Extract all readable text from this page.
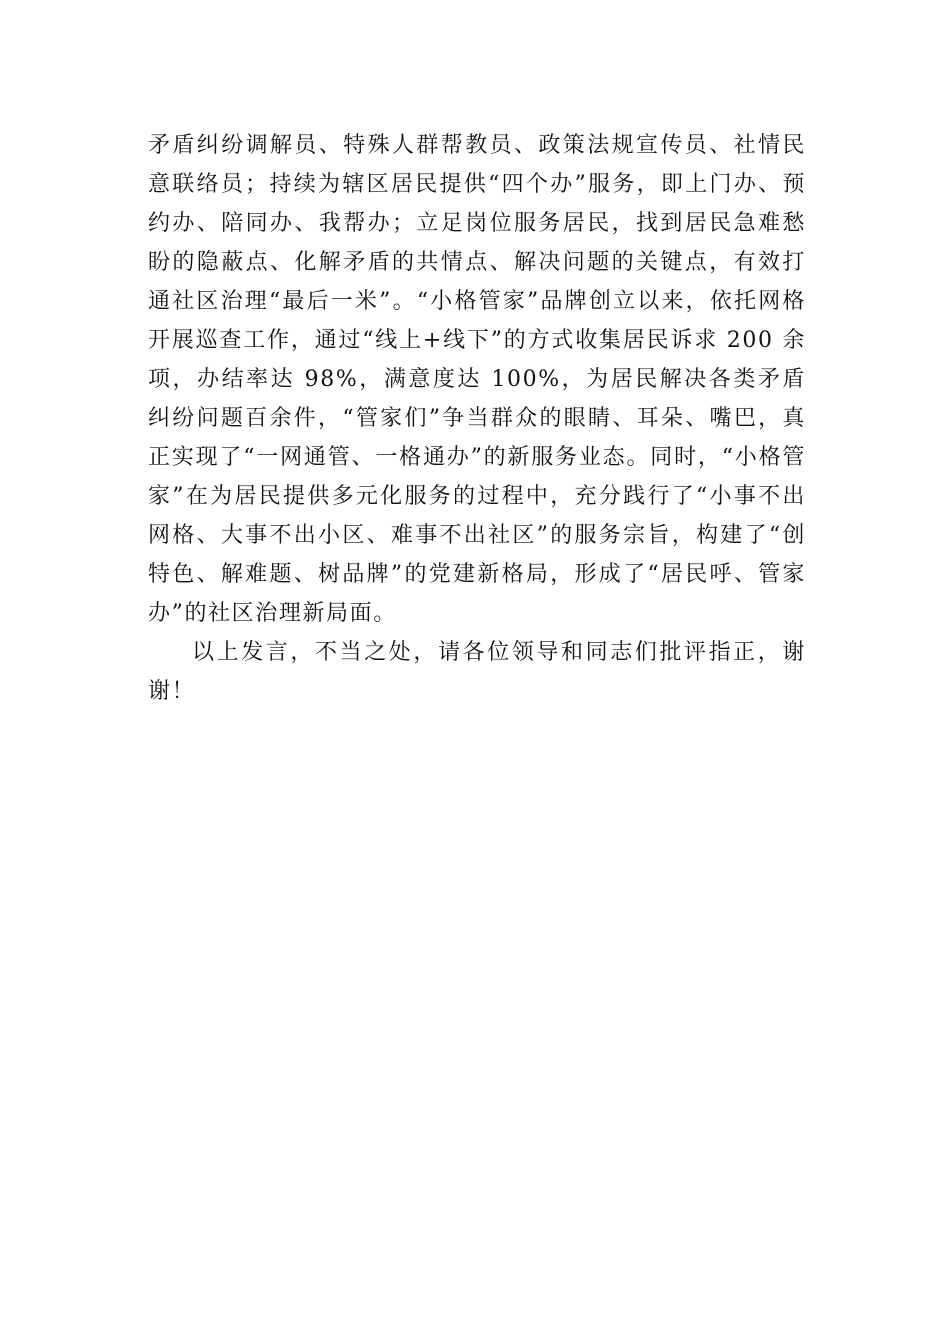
矛盾纠纷调解员、特殊人群帮教员、政策法规宣传员、社情民意联络员；持续为辖区居民提供“四个办”服务，即上门办、预约办、陪同办、我帮办；立足岗位服务居民，找到居民急难愁盼的隐蔽点、化解矛盾的共情点、解决问题的关键点，有效打通社区治理“最后一米”。“小格管家”品牌创立以来，依托网格开展巡查工作，通过“线上+线下”的方式收集居民诉求 200 余项，办结率达 98%，满意度达 100%，为居民解决各类矛盾纠纷问题百余件，“管家们”争当群众的眼睛、耳朵、嘴巴，真正实现了“一网通管、一格通办”的新服务业态。同时，“小格管家”在为居民提供多元化服务的过程中，充分践行了“小事不出网格、大事不出小区、难事不出社区”的服务宗旨，构建了“创特色、解难题、树品牌”的党建新格局，形成了“居民呼、管家办”的社区治理新局面。

以上发言，不当之处，请各位领导和同志们批评指正，谢谢！
